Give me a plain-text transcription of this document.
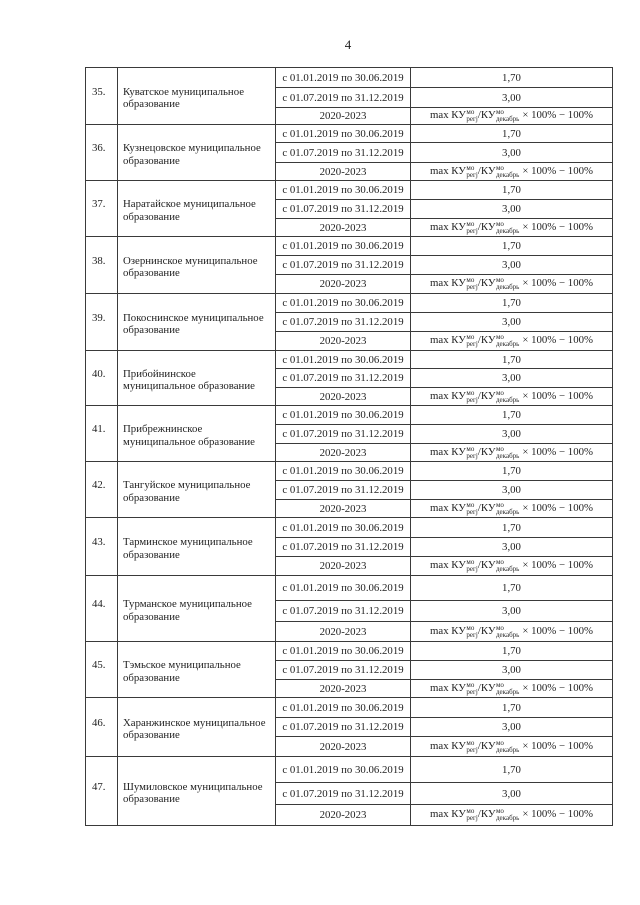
4
35.	Куватское муниципальное
образование
с 01.01.2019 по 30.06.2019	1,70
с 01.07.2019 по 31.12.2019	3,00
2020-2023	max КУ мо
регj /КУ мо
декабрь × 100% − 100%
36.	Кузнецовское муниципальное
образование
с 01.01.2019 по 30.06.2019	1,70
с 01.07.2019 по 31.12.2019	3,00
2020-2023	max КУ мо
регj /КУ мо
декабрь × 100% − 100%
37.	Наратайское муниципальное
образование
с 01.01.2019 по 30.06.2019	1,70
с 01.07.2019 по 31.12.2019	3,00
2020-2023	max КУ мо
регj /КУ мо
декабрь × 100% − 100%
38.	Озернинское муниципальное
образование
с 01.01.2019 по 30.06.2019	1,70
с 01.07.2019 по 31.12.2019	3,00
2020-2023	max КУ мо
регj /КУ мо
декабрь × 100% − 100%
39.	Покоснинское муниципальное
образование
с 01.01.2019 по 30.06.2019	1,70
с 01.07.2019 по 31.12.2019	3,00
2020-2023	max КУ мо
регj /КУ мо
декабрь × 100% − 100%
40.	Прибойнинское
муниципальное образование
с 01.01.2019 по 30.06.2019	1,70
с 01.07.2019 по 31.12.2019	3,00
2020-2023	max КУ мо
регj /КУ мо
декабрь × 100% − 100%
41.	Прибрежнинское
муниципальное образование
с 01.01.2019 по 30.06.2019	1,70
с 01.07.2019 по 31.12.2019	3,00
2020-2023	max КУ мо
регj /КУ мо
декабрь × 100% − 100%
42.	Тангуйское муниципальное
образование
с 01.01.2019 по 30.06.2019	1,70
с 01.07.2019 по 31.12.2019	3,00
2020-2023	max КУ мо
регj /КУ мо
декабрь × 100% − 100%
43.	Тарминское муниципальное
образование
с 01.01.2019 по 30.06.2019	1,70
с 01.07.2019 по 31.12.2019	3,00
2020-2023	max КУ мо
регj /КУ мо
декабрь × 100% − 100%
44.	Турманское муниципальное
образование
с 01.01.2019 по 30.06.2019	1,70
с 01.07.2019 по 31.12.2019	3,00
2020-2023	max КУ мо
регj /КУ мо
декабрь × 100% − 100%
45.	Тэмьское муниципальное
образование
с 01.01.2019 по 30.06.2019	1,70
с 01.07.2019 по 31.12.2019	3,00
2020-2023	max КУ мо
регj /КУ мо
декабрь × 100% − 100%
46.	Харанжинское муниципальное
образование
с 01.01.2019 по 30.06.2019	1,70
с 01.07.2019 по 31.12.2019	3,00
2020-2023	max КУ мо
регj /КУ мо
декабрь × 100% − 100%
47.	Шумиловское муниципальное
образование
с 01.01.2019 по 30.06.2019	1,70
с 01.07.2019 по 31.12.2019	3,00
2020-2023	max КУ мо
регj /КУ мо
декабрь × 100% − 100%
